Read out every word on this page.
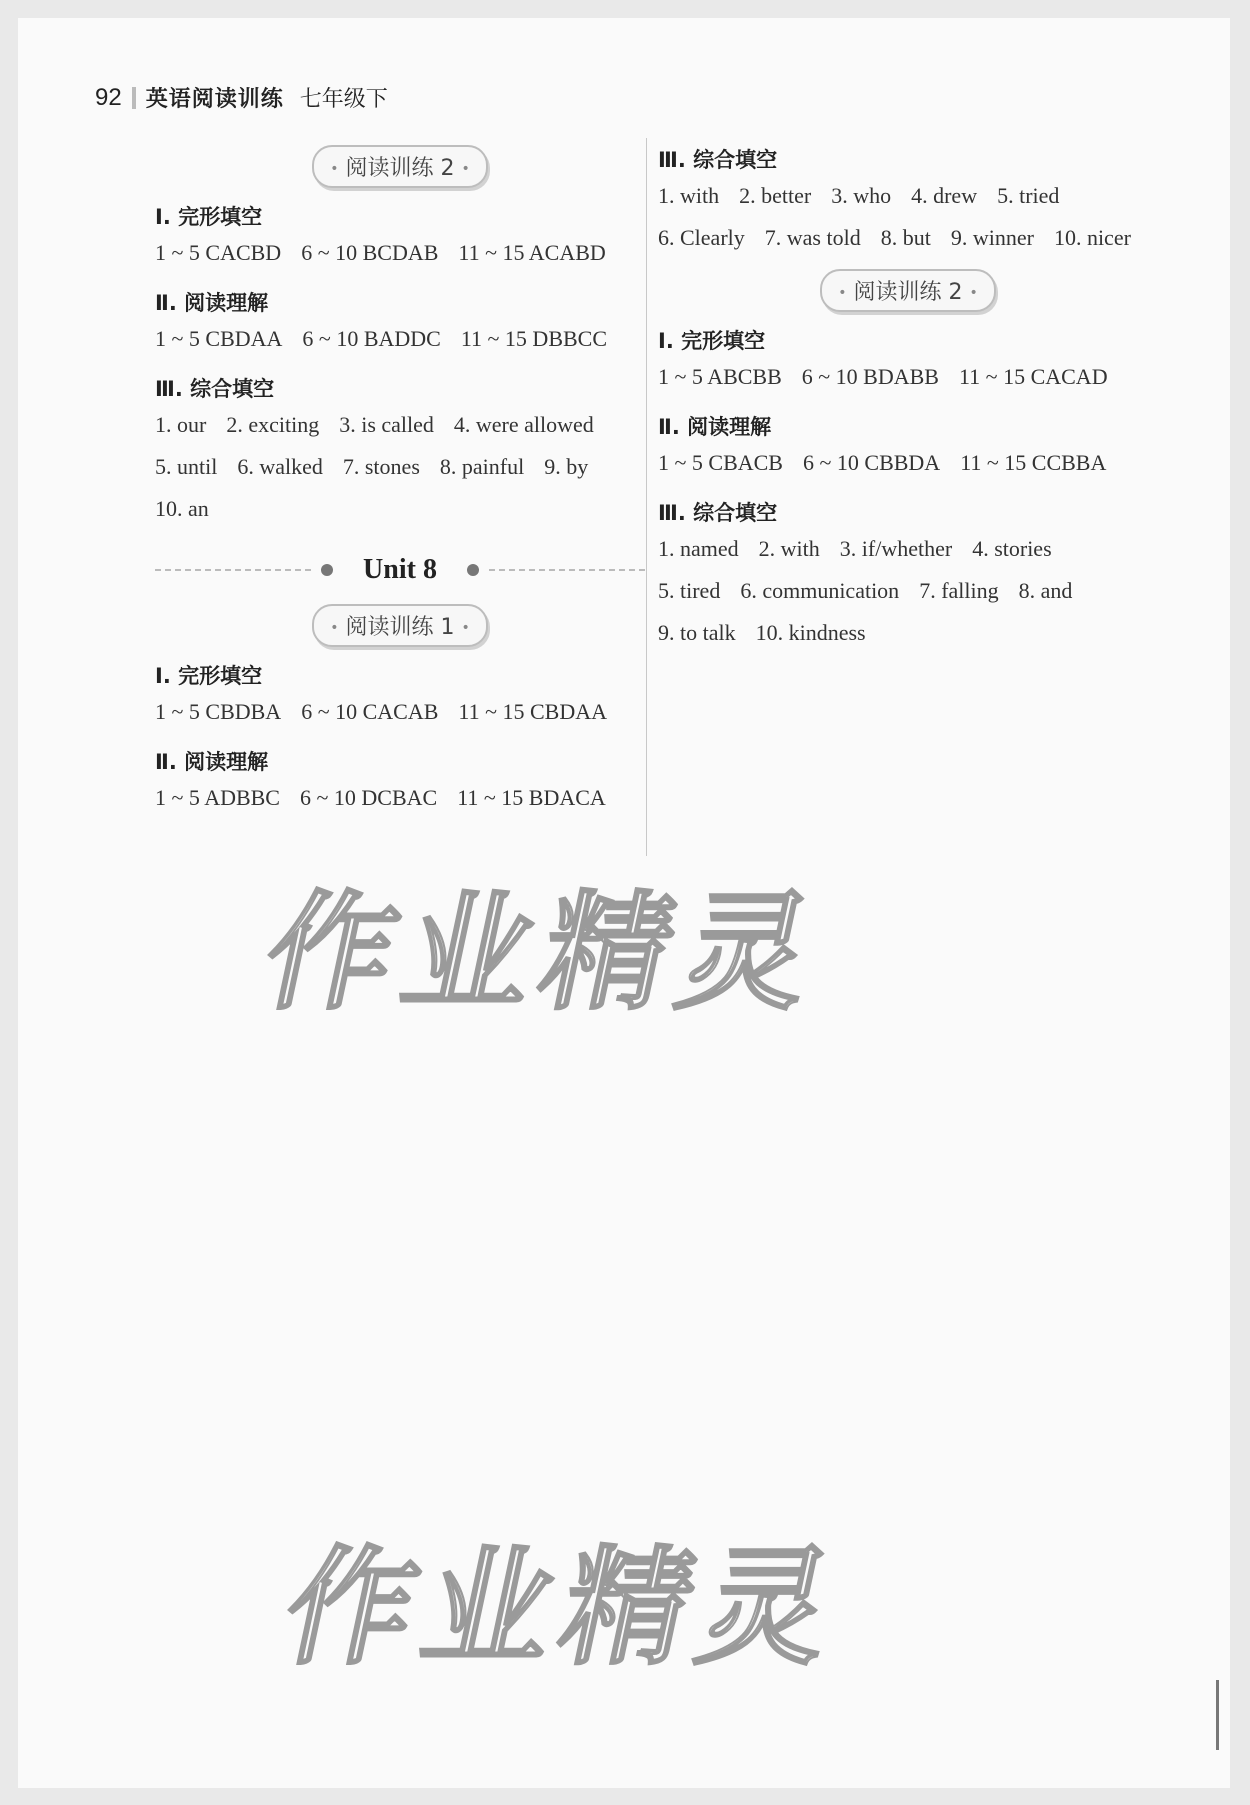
92 英语阅读训练 七年级下
• 阅读训练 2 •
Ⅰ. 完形填空
1 ~ 5 CACBD 6 ~ 10 BCDAB 11 ~ 15 ACABD
Ⅱ. 阅读理解
1 ~ 5 CBDAA 6 ~ 10 BADDC 11 ~ 15 DBBCC
Ⅲ. 综合填空
1. our 2. exciting 3. is called 4. were allowed
5. until 6. walked 7. stones 8. painful 9. by
10. an
Unit 8
• 阅读训练 1 •
Ⅰ. 完形填空
1 ~ 5 CBDBA 6 ~ 10 CACAB 11 ~ 15 CBDAA
Ⅱ. 阅读理解
1 ~ 5 ADBBC 6 ~ 10 DCBAC 11 ~ 15 BDACA
Ⅲ. 综合填空
1. with 2. better 3. who 4. drew 5. tried
6. Clearly 7. was told 8. but 9. winner 10. nicer
• 阅读训练 2 •
Ⅰ. 完形填空
1 ~ 5 ABCBB 6 ~ 10 BDABB 11 ~ 15 CACAD
Ⅱ. 阅读理解
1 ~ 5 CBACB 6 ~ 10 CBBDA 11 ~ 15 CCBBA
Ⅲ. 综合填空
1. named 2. with 3. if/whether 4. stories
5. tired 6. communication 7. falling 8. and
9. to talk 10. kindness
作业精灵
作业精灵
